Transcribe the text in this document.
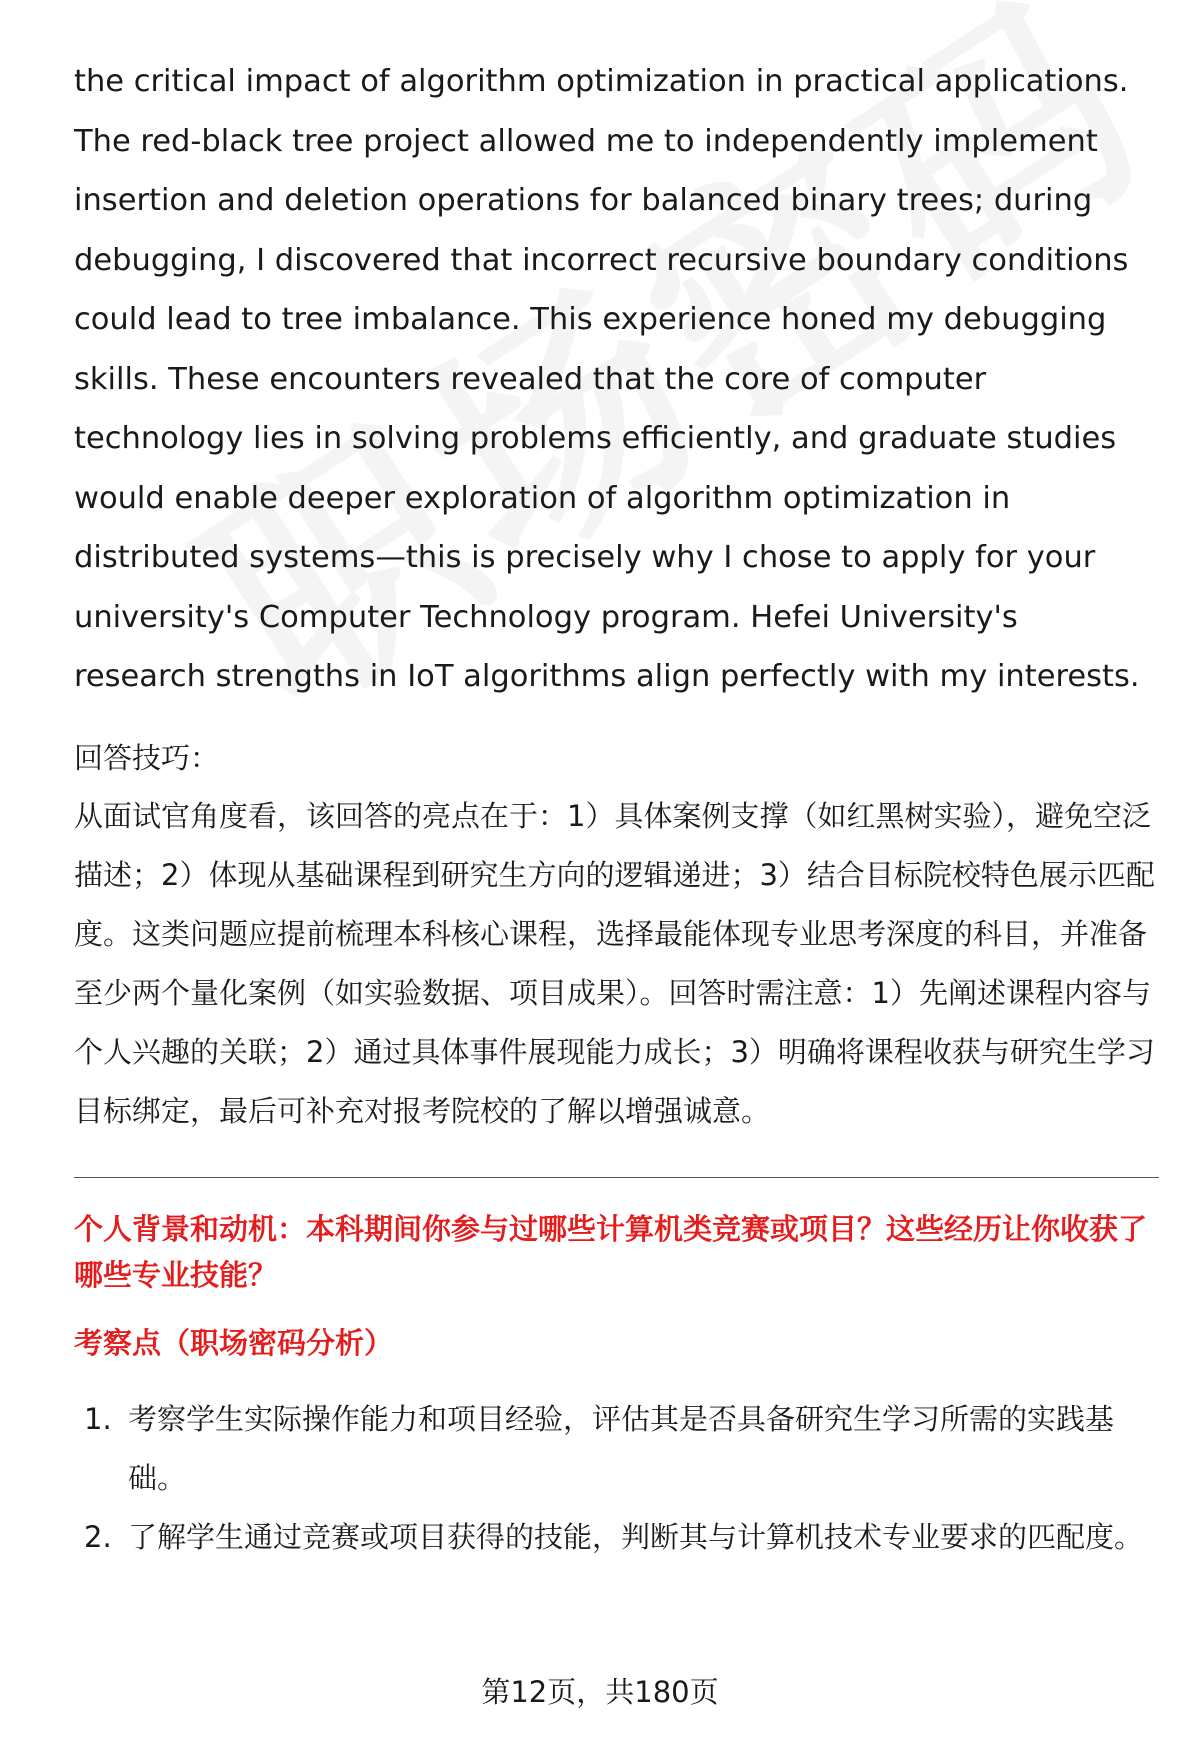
the critical impact of algorithm optimization in practical applications. The red-black tree project allowed me to independently implement insertion and deletion operations for balanced binary trees; during debugging, I discovered that incorrect recursive boundary conditions could lead to tree imbalance. This experience honed my debugging skills. These encounters revealed that the core of computer technology lies in solving problems efficiently, and graduate studies would enable deeper exploration of algorithm optimization in distributed systems—this is precisely why I chose to apply for your university's Computer Technology program. Hefei University's research strengths in IoT algorithms align perfectly with my interests.

回答技巧：

从面试官角度看，该回答的亮点在于：1）具体案例支撑（如红黑树实验），避免空泛描述；2）体现从基础课程到研究生方向的逻辑递进；3）结合目标院校特色展示匹配度。这类问题应提前梳理本科核心课程，选择最能体现专业思考深度的科目，并准备至少两个量化案例（如实验数据、项目成果）。回答时需注意：1）先阐述课程内容与个人兴趣的关联；2）通过具体事件展现能力成长；3）明确将课程收获与研究生学习目标绑定，最后可补充对报考院校的了解以增强诚意。

个人背景和动机：本科期间你参与过哪些计算机类竞赛或项目？这些经历让你收获了哪些专业技能？

考察点（职场密码分析）

1. 考察学生实际操作能力和项目经验，评估其是否具备研究生学习所需的实践基础。
2. 了解学生通过竞赛或项目获得的技能，判断其与计算机技术专业要求的匹配度。
第12页，共180页
